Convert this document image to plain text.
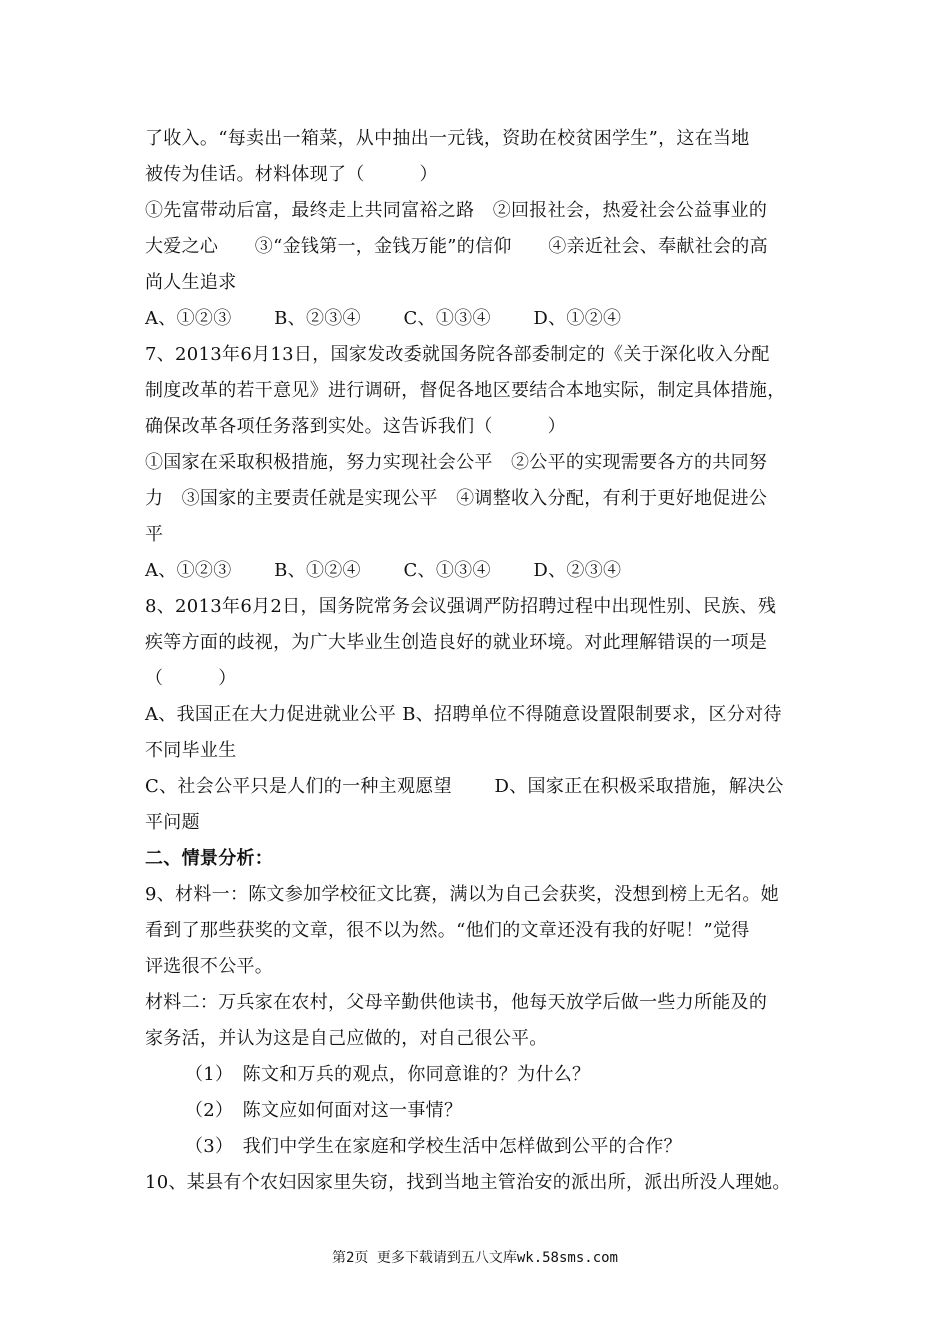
了收入。“每卖出一箱菜，从中抽出一元钱，资助在校贫困学生”，这在当地
被传为佳话。材料体现了（　　　）
①先富带动后富，最终走上共同富裕之路　②回报社会，热爱社会公益事业的
大爱之心　　③“金钱第一，金钱万能”的信仰　　④亲近社会、奉献社会的高
尚人生追求
A、①②③　　 B、②③④　　 C、①③④　　 D、①②④
7、2013年6月13日，国家发改委就国务院各部委制定的《关于深化收入分配
制度改革的若干意见》进行调研，督促各地区要结合本地实际，制定具体措施，
确保改革各项任务落到实处。这告诉我们（　　　）
①国家在采取积极措施，努力实现社会公平　②公平的实现需要各方的共同努
力　③国家的主要责任就是实现公平　④调整收入分配，有利于更好地促进公
平
A、①②③　　 B、①②④　　 C、①③④　　 D、②③④
8、2013年6月2日，国务院常务会议强调严防招聘过程中出现性别、民族、残
疾等方面的歧视，为广大毕业生创造良好的就业环境。对此理解错误的一项是
（　　　）
A、我国正在大力促进就业公平 B、招聘单位不得随意设置限制要求，区分对待
不同毕业生
C、社会公平只是人们的一种主观愿望　　 D、国家正在积极采取措施，解决公
平问题
二、情景分析：
9、材料一：陈文参加学校征文比赛，满以为自己会获奖，没想到榜上无名。她
看到了那些获奖的文章，很不以为然。“他们的文章还没有我的好呢！”觉得
评选很不公平。
材料二：万兵家在农村，父母辛勤供他读书，他每天放学后做一些力所能及的
家务活，并认为这是自己应做的，对自己很公平。
（1）　陈文和万兵的观点，你同意谁的？为什么？
（2）　陈文应如何面对这一事情？
（3）　我们中学生在家庭和学校生活中怎样做到公平的合作？
10、某县有个农妇因家里失窃，找到当地主管治安的派出所，派出所没人理她。
第2页 更多下载请到五八文库wk.58sms.com
